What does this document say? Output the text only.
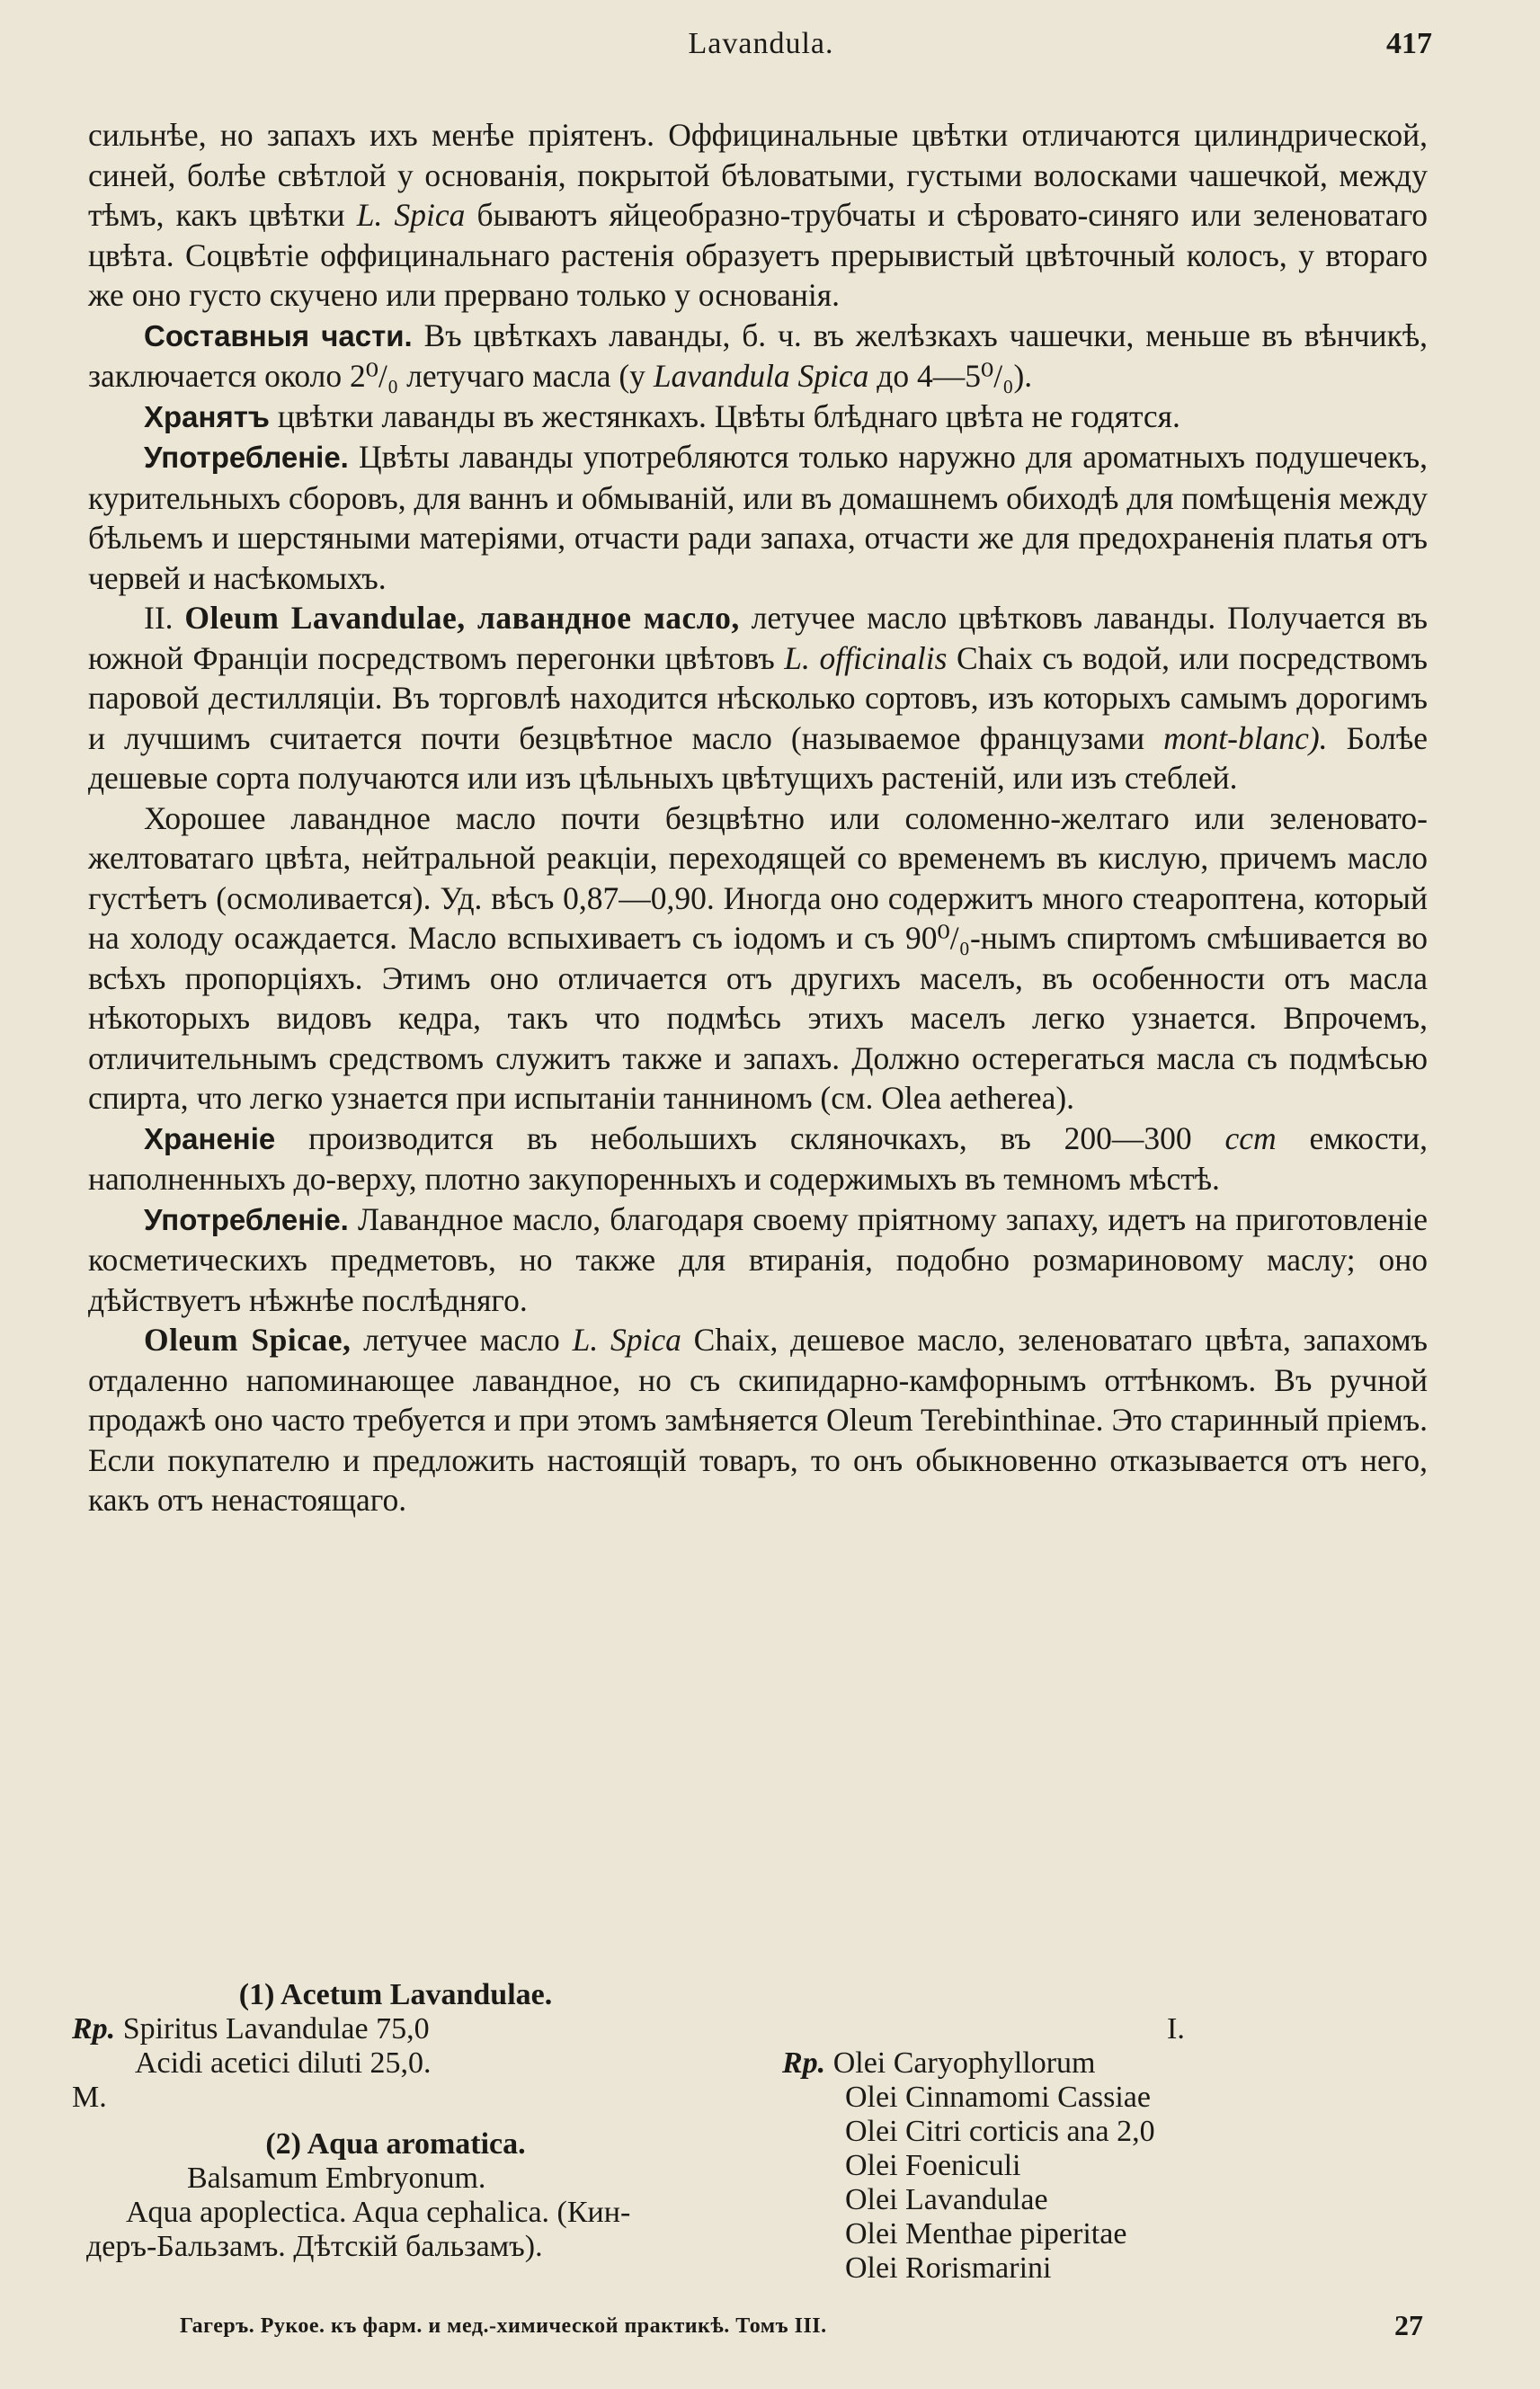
Lavandula.	417

сильнѣе, но запахъ ихъ менѣе пріятенъ. Оффицинальные цвѣтки отличаются цилиндрической, синей, болѣе свѣтлой у основанія, покрытой бѣловатыми, густыми волосками чашечкой, между тѣмъ, какъ цвѣтки L. Spica бываютъ яйцеобразно-трубчаты и сѣровато-синяго или зеленоватаго цвѣта. Соцвѣтіе оффицинальнаго растенія образуетъ прерывистый цвѣточный колосъ, у втораго же оно густо скучено или прервано только у основанія.

Составныя части. Въ цвѣткахъ лаванды, б. ч. въ желѣзкахъ чашечки, меньше въ вѣнчикѣ, заключается около 2⁰/₀ летучаго масла (у Lavandula Spica до 4—5⁰/₀).

Хранятъ цвѣтки лаванды въ жестянкахъ. Цвѣты блѣднаго цвѣта не годятся.

Употребленіе. Цвѣты лаванды употребляются только наружно для ароматныхъ подушечекъ, курительныхъ сборовъ, для ваннъ и обмываній, или въ домашнемъ обиходѣ для помѣщенія между бѣльемъ и шерстяными матеріями, отчасти ради запаха, отчасти же для предохраненія платья отъ червей и насѣкомыхъ.

II. Oleum Lavandulae, лавандное масло, летучее масло цвѣтковъ лаванды. Получается въ южной Франціи посредствомъ перегонки цвѣтовъ L. officinalis Chaix съ водой, или посредствомъ паровой дестилляціи. Въ торговлѣ находится нѣсколько сортовъ, изъ которыхъ самымъ дорогимъ и лучшимъ считается почти безцвѣтное масло (называемое французами mont-blanc). Болѣе дешевые сорта получаются или изъ цѣльныхъ цвѣтущихъ растеній, или изъ стеблей.

Хорошее лавандное масло почти безцвѣтно или соломенно-желтаго или зеленовато-желтоватаго цвѣта, нейтральной реакціи, переходящей со временемъ въ кислую, причемъ масло густѣетъ (осмоливается). Уд. вѣсъ 0,87—0,90. Иногда оно содержитъ много стеароптена, который на холоду осаждается. Масло вспыхиваетъ съ іодомъ и съ 90⁰/₀-нымъ спиртомъ смѣшивается во всѣхъ пропорціяхъ. Этимъ оно отличается отъ другихъ маселъ, въ особенности отъ масла нѣкоторыхъ видовъ кедра, такъ что подмѣсь этихъ маселъ легко узнается. Впрочемъ, отличительнымъ средствомъ служитъ также и запахъ. Должно остерегаться масла съ подмѣсью спирта, что легко узнается при испытаніи танниномъ (см. Olea aetherea).

Храненіе производится въ небольшихъ скляночкахъ, въ 200—300 ccm емкости, наполненныхъ до-верху, плотно закупоренныхъ и содержимыхъ въ темномъ мѣстѣ.

Употребленіе. Лавандное масло, благодаря своему пріятному запаху, идетъ на приготовленіе косметическихъ предметовъ, но также для втиранія, подобно розмариновому маслу; оно дѣйствуетъ нѣжнѣе послѣдняго.

Oleum Spicae, летучее масло L. Spica Chaix, дешевое масло, зеленоватаго цвѣта, запахомъ отдаленно напоминающее лавандное, но съ скипидарно-камфорнымъ оттѣнкомъ. Въ ручной продажѣ оно часто требуется и при этомъ замѣняется Oleum Terebinthinae. Это старинный пріемъ. Если покупателю и предложить настоящій товаръ, то онъ обыкновенно отказывается отъ него, какъ отъ ненастоящаго.

(1) Acetum Lavandulae.
Rp. Spiritus Lavandulae 75,0
Acidi acetici diluti 25,0.
M.
(2) Aqua aromatica.
Balsamum Embryonum.
Aqua apoplectica. Aqua cephalica. (Кин-
деръ-Бальзамъ. Дѣтскій бальзамъ).
I.
Rp. Olei Caryophyllorum
Olei Cinnamomi Cassiae
Olei Citri corticis ana 2,0
Olei Foeniculi
Olei Lavandulae
Olei Menthae piperitae
Olei Rorismarini
Гагеръ. Рукое. къ фарм. и мед.-химической практикѣ. Томъ III.	27
